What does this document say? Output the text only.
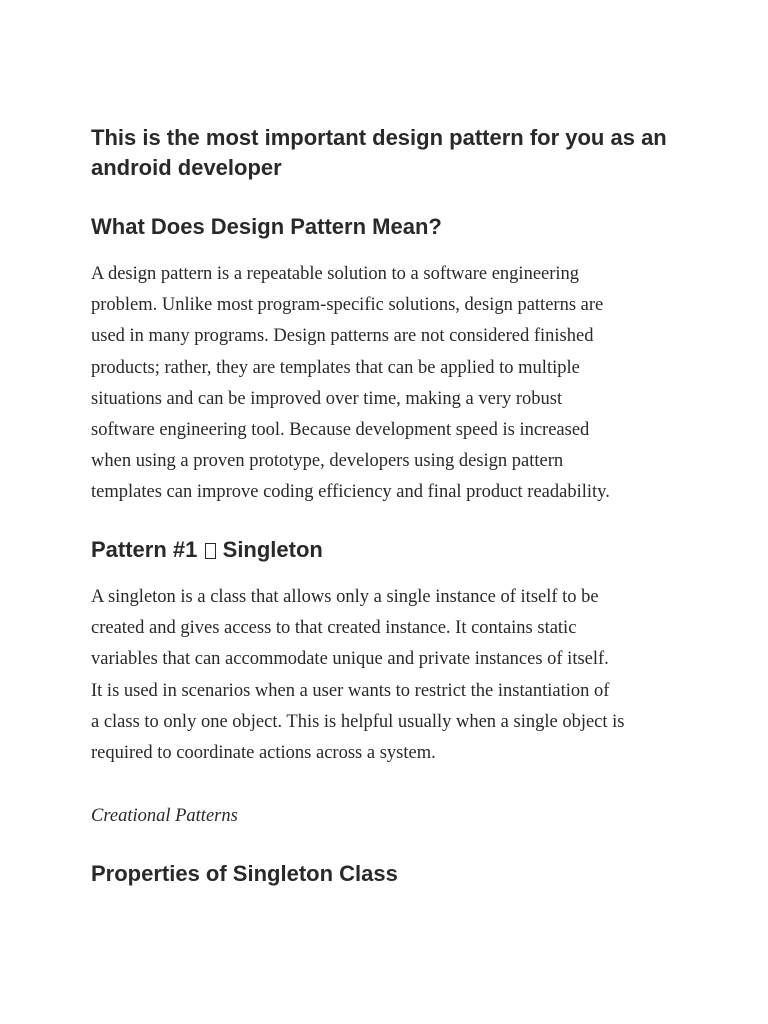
This is the most important design pattern for you as an android developer
What Does Design Pattern Mean?

A design pattern is a repeatable solution to a software engineering
problem. Unlike most program-specific solutions, design patterns are
used in many programs. Design patterns are not considered finished
products; rather, they are templates that can be applied to multiple
situations and can be improved over time, making a very robust
software engineering tool. Because development speed is increased
when using a proven prototype, developers using design pattern
templates can improve coding efficiency and final product readability.

Pattern #1 Singleton

A singleton is a class that allows only a single instance of itself to be
created and gives access to that created instance. It contains static
variables that can accommodate unique and private instances of itself.
It is used in scenarios when a user wants to restrict the instantiation of
a class to only one object. This is helpful usually when a single object is
required to coordinate actions across a system.

Creational Patterns

Properties of Singleton Class
